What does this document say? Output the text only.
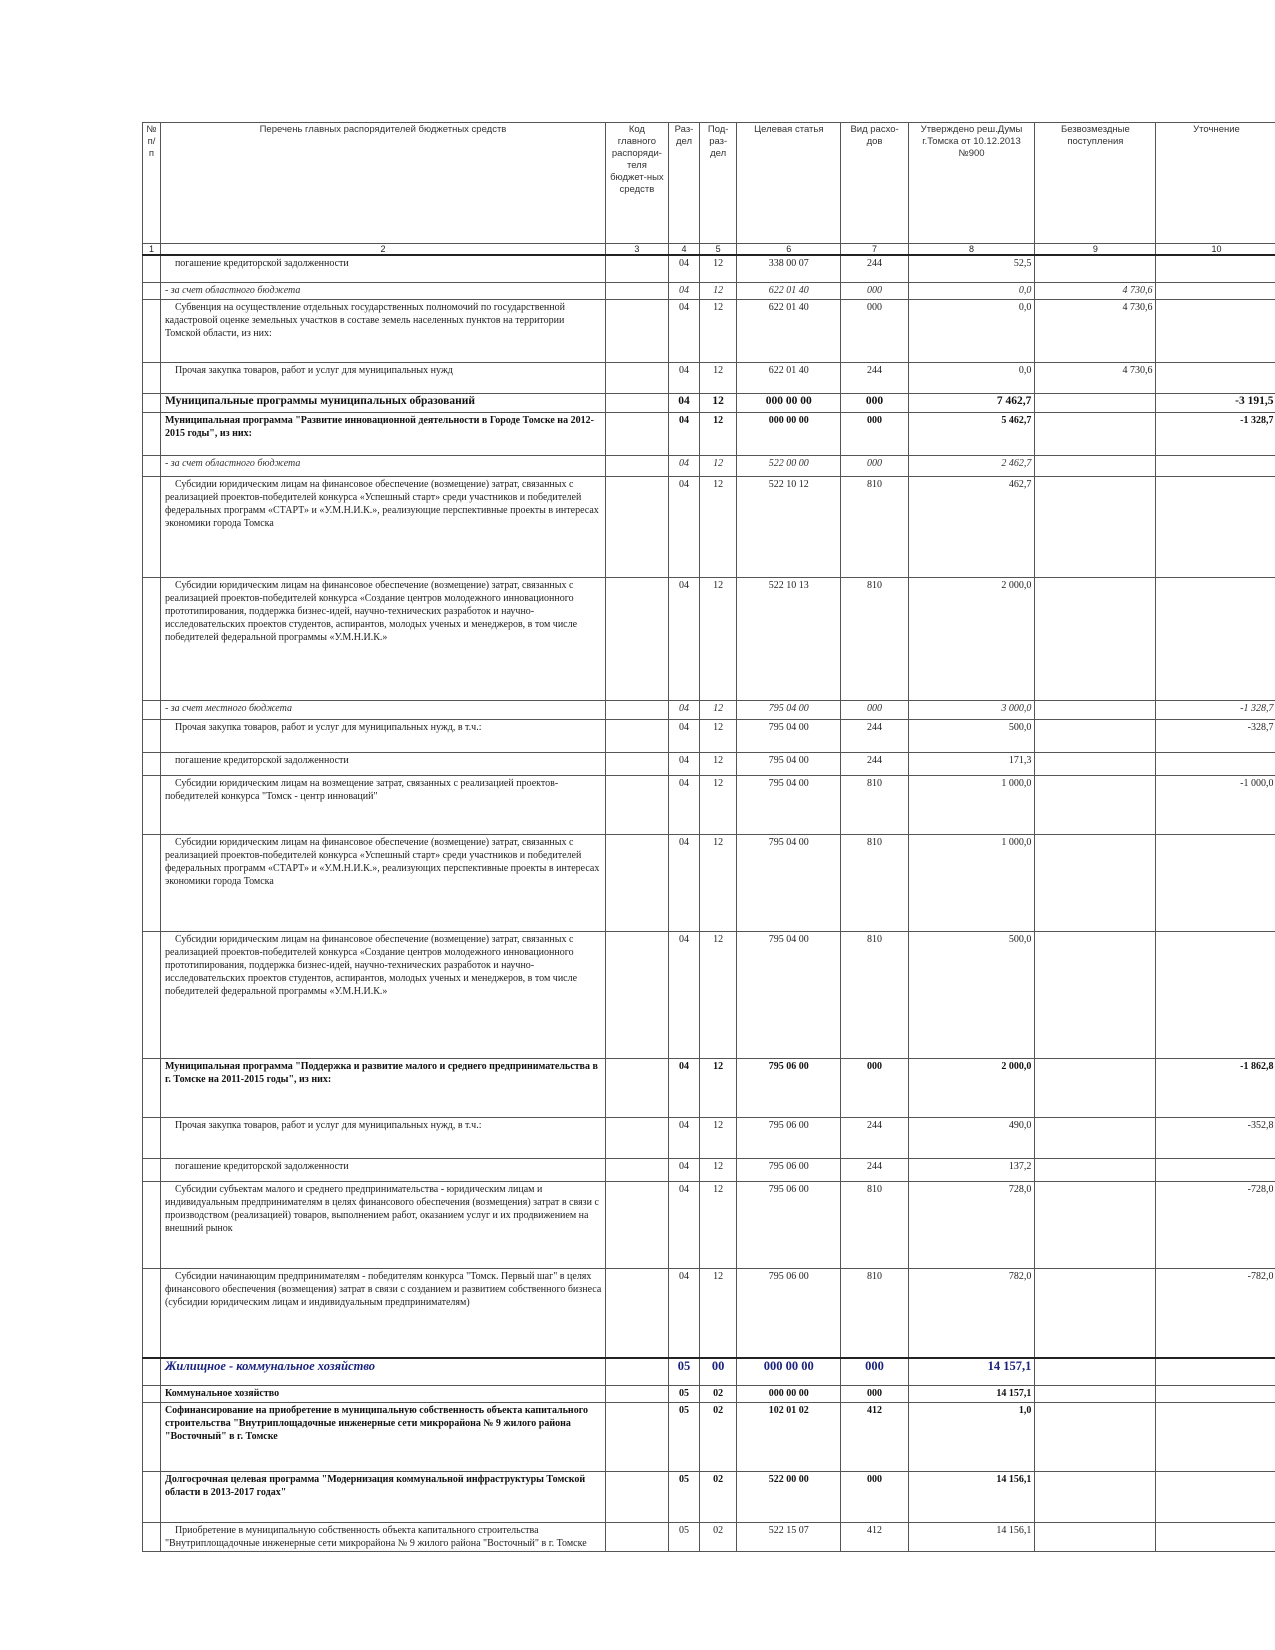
№ п/п	Перечень главных распорядителей бюджетных средств	Код главного распоряди-теля бюджет-ных средств	Раз-дел	Под-раз-дел	Целевая статья	Вид расхо-дов	Утверждено реш.Думы г.Томска от 10.12.2013 №900	Безвозмездные поступления	Уточнение	
1	2	3	4	5	6	7	8	9	10	
	погашение кредиторской задолженности		04	12	338 00 07	244	52,5			
	- за счет областного бюджета		04	12	622 01 40	000	0,0	4 730,6		
	Субвенция на осуществление отдельных государственных полномочий по государственной кадастровой оценке земельных участков в составе земель населенных пунктов на территории Томской области, из них:		04	12	622 01 40	000	0,0	4 730,6		
	Прочая закупка товаров, работ и услуг для муниципальных нужд		04	12	622 01 40	244	0,0	4 730,6		
	Муниципальные программы муниципальных образований		04	12	000 00 00	000	7 462,7		-3 191,5	
	Муниципальная программа "Развитие инновационной деятельности в Городе Томске на 2012-2015 годы", из них:		04	12	000 00 00	000	5 462,7		-1 328,7	
	- за счет областного бюджета		04	12	522 00 00	000	2 462,7			
	Субсидии юридическим лицам на финансовое обеспечение (возмещение) затрат, связанных с реализацией проектов-победителей конкурса «Успешный старт» среди участников и победителей федеральных программ «СТАРТ» и «У.М.Н.И.К.», реализующие перспективные проекты в интересах экономики города Томска		04	12	522 10 12	810	462,7			
	Субсидии юридическим лицам на финансовое обеспечение (возмещение) затрат, связанных с реализацией проектов-победителей конкурса «Создание центров молодежного инновационного прототипирования, поддержка бизнес-идей, научно-технических разработок и научно-исследовательских проектов студентов, аспирантов, молодых ученых и менеджеров, в том числе победителей федеральной программы «У.М.Н.И.К.»		04	12	522 10 13	810	2 000,0			
	- за счет местного бюджета		04	12	795 04 00	000	3 000,0		-1 328,7	
	Прочая закупка товаров, работ и услуг для муниципальных нужд, в т.ч.:		04	12	795 04 00	244	500,0		-328,7	
	погашение кредиторской задолженности		04	12	795 04 00	244	171,3			
	Субсидии юридическим лицам на возмещение затрат, связанных с реализацией проектов-победителей конкурса "Томск - центр инноваций"		04	12	795 04 00	810	1 000,0		-1 000,0	
	Субсидии юридическим лицам на финансовое обеспечение (возмещение) затрат, связанных с реализацией проектов-победителей конкурса «Успешный старт» среди участников и победителей федеральных программ «СТАРТ» и «У.М.Н.И.К.», реализующих перспективные проекты в интересах экономики города Томска		04	12	795 04 00	810	1 000,0			
	Субсидии юридическим лицам на финансовое обеспечение (возмещение) затрат, связанных с реализацией проектов-победителей конкурса «Создание центров молодежного инновационного прототипирования, поддержка бизнес-идей, научно-технических разработок и научно-исследовательских проектов студентов, аспирантов, молодых ученых и менеджеров, в том числе победителей федеральной программы «У.М.Н.И.К.»		04	12	795 04 00	810	500,0			
	Муниципальная программа "Поддержка и развитие малого и среднего предпринимательства в г. Томске на 2011-2015 годы", из них:		04	12	795 06 00	000	2 000,0		-1 862,8	
	Прочая закупка товаров, работ и услуг для муниципальных нужд, в т.ч.:		04	12	795 06 00	244	490,0		-352,8	
	погашение кредиторской задолженности		04	12	795 06 00	244	137,2			
	Субсидии субъектам малого и среднего предпринимательства - юридическим лицам и индивидуальным предпринимателям в целях финансового обеспечения (возмещения) затрат в связи с производством (реализацией) товаров, выполнением работ, оказанием услуг и их продвижением на внешний рынок		04	12	795 06 00	810	728,0		-728,0	
	Субсидии начинающим предпринимателям - победителям конкурса "Томск. Первый шаг" в целях финансового обеспечения (возмещения) затрат в связи с созданием и развитием собственного бизнеса (субсидии юридическим лицам и индивидуальным предпринимателям)		04	12	795 06 00	810	782,0		-782,0	
	Жилищное - коммунальное хозяйство		05	00	000 00 00	000	14 157,1			
	Коммунальное хозяйство		05	02	000 00 00	000	14 157,1			
	Софинансирование на приобретение в муниципальную собственность объекта капитального строительства "Внутриплощадочные инженерные сети микрорайона № 9 жилого района "Восточный" в г. Томске		05	02	102 01 02	412	1,0			
	Долгосрочная целевая программа "Модернизация коммунальной инфраструктуры Томской области в 2013-2017 годах"		05	02	522 00 00	000	14 156,1			
	Приобретение в муниципальную собственность объекта капитального строительства "Внутриплощадочные инженерные сети микрорайона № 9 жилого района "Восточный" в г. Томске		05	02	522 15 07	412	14 156,1			
